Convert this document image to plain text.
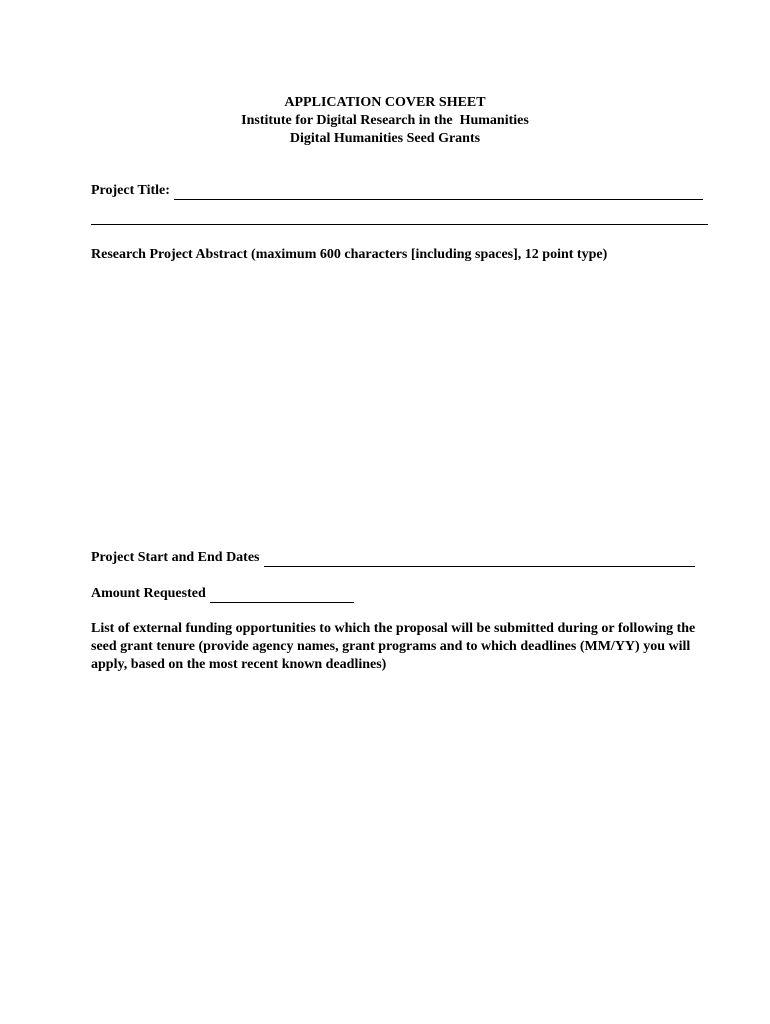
APPLICATION COVER SHEET
Institute for Digital Research in the  Humanities
Digital Humanities Seed Grants
Project Title:
Research Project Abstract (maximum 600 characters [including spaces], 12 point type)
Project Start and End Dates
Amount Requested
List of external funding opportunities to which the proposal will be submitted during or following the seed grant tenure (provide agency names, grant programs and to which deadlines (MM/YY) you will apply, based on the most recent known deadlines)
